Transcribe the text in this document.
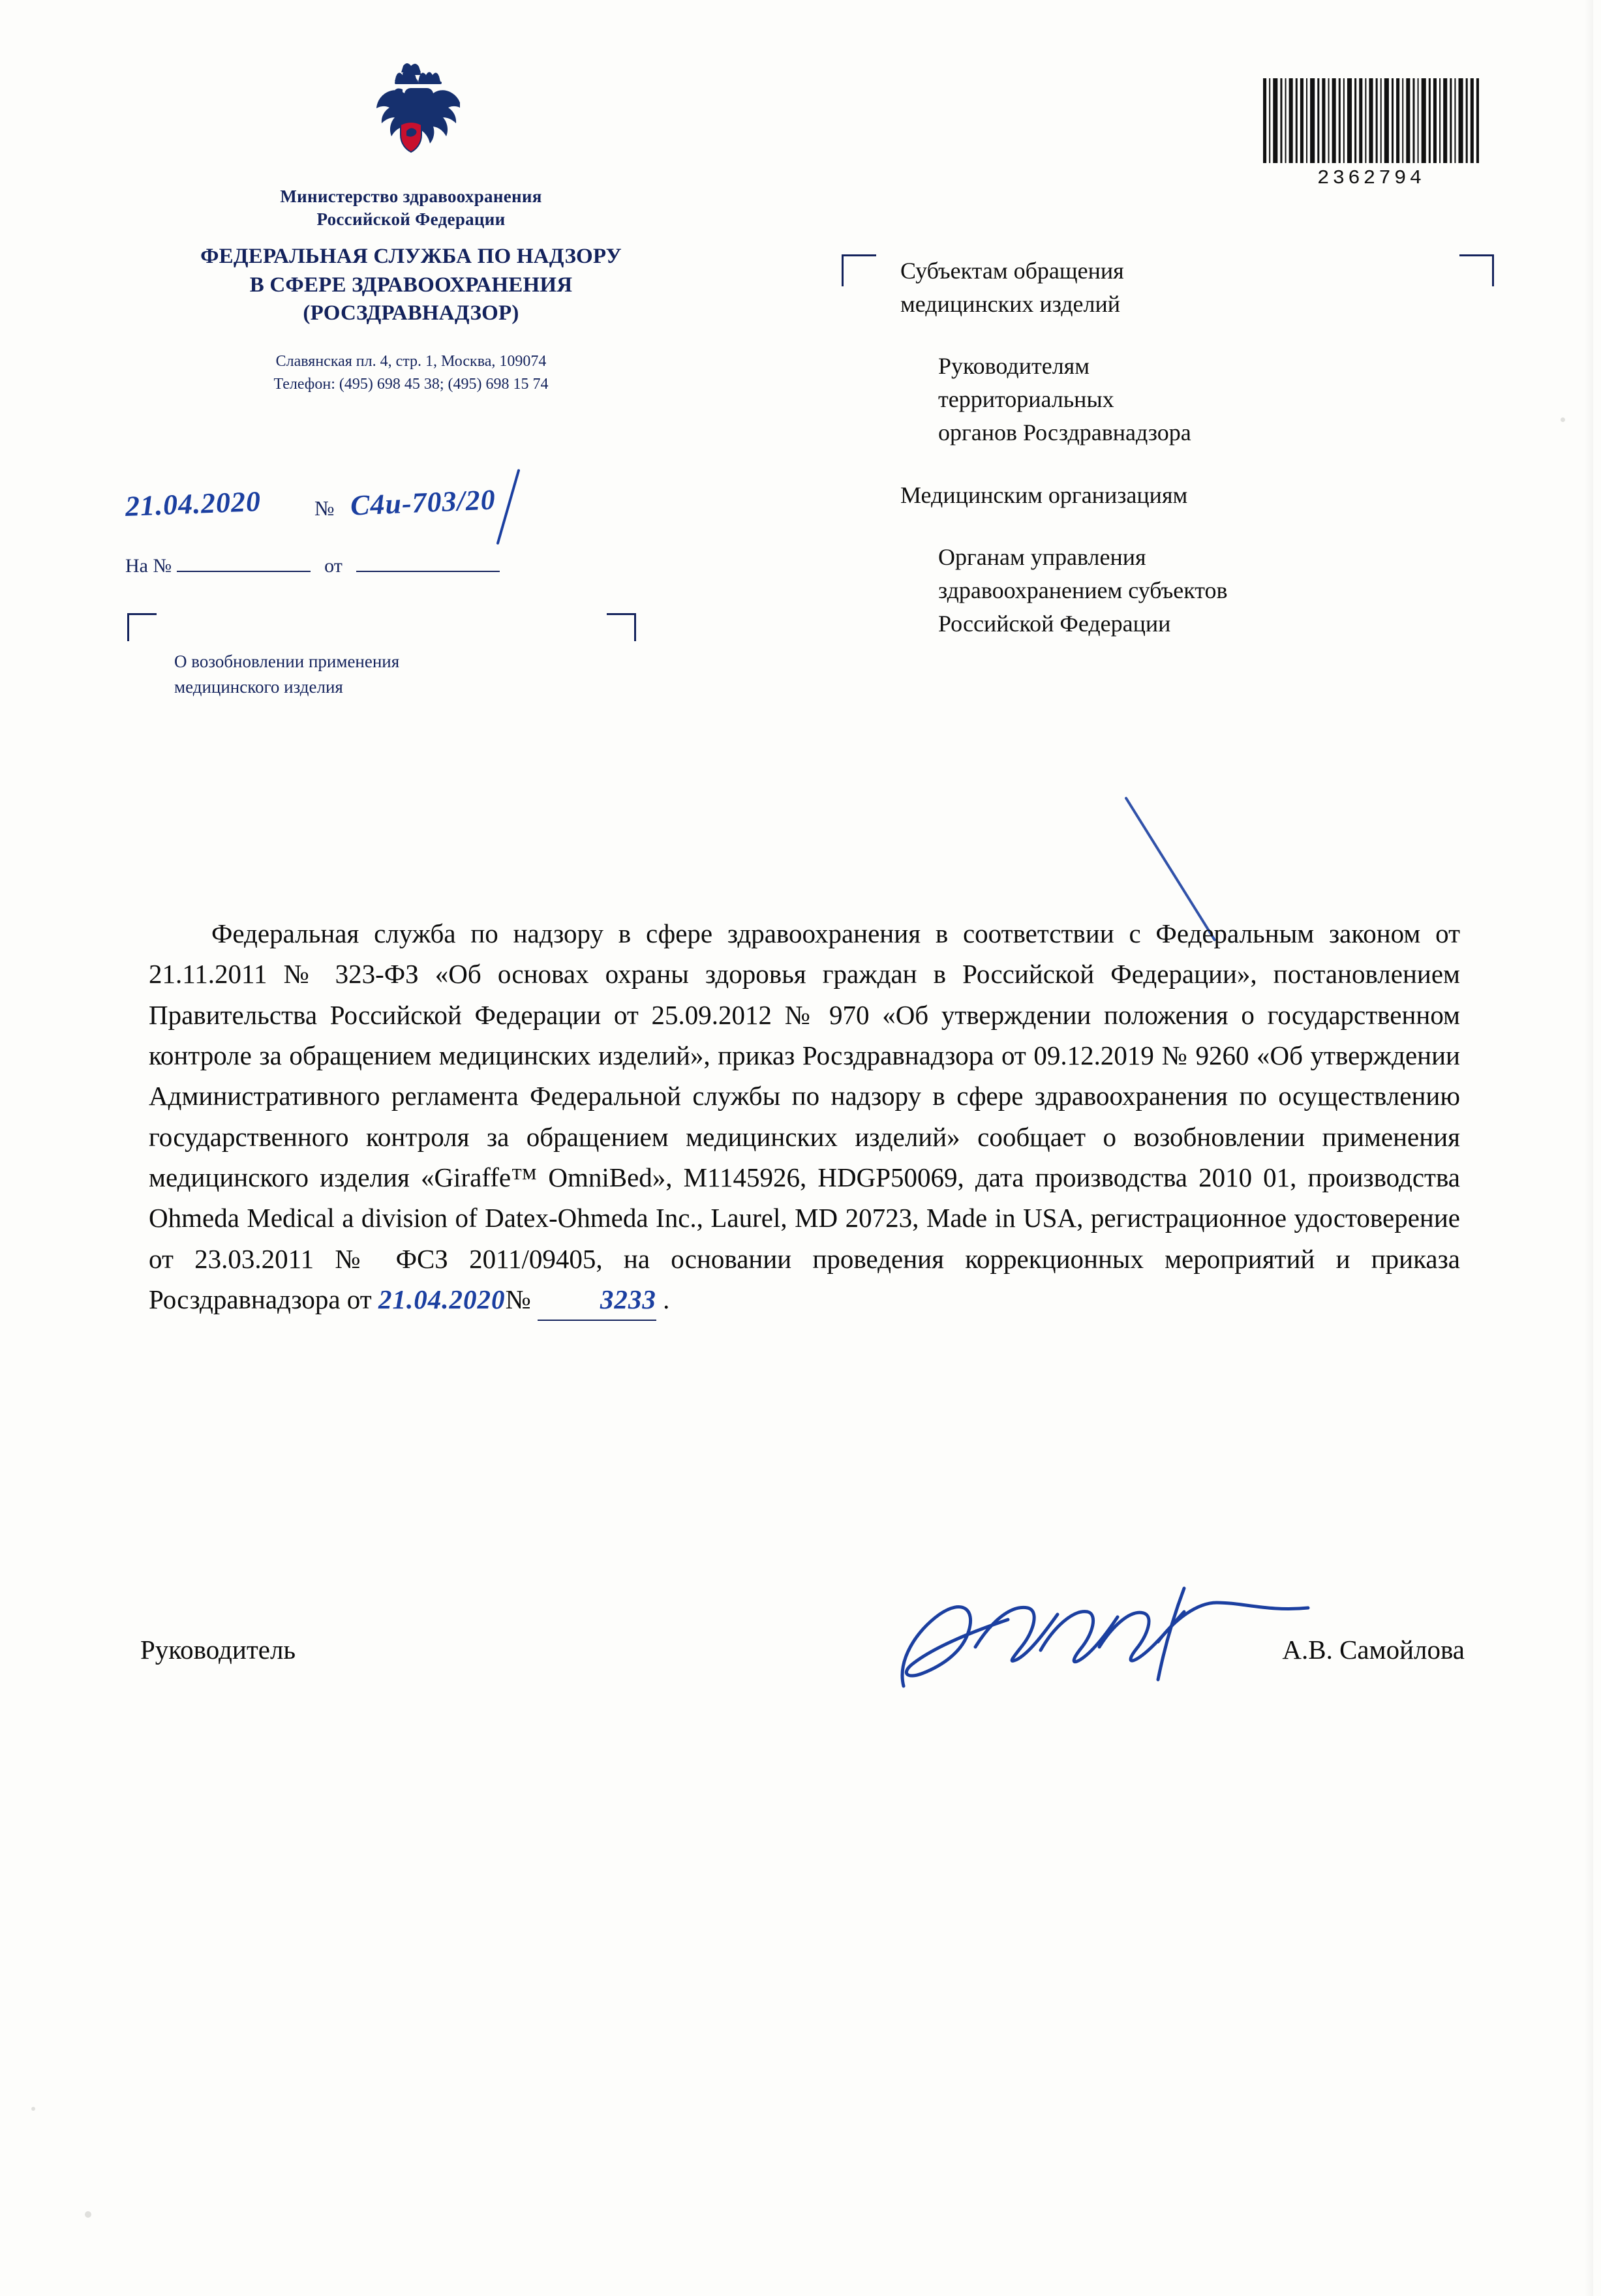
Министерство здравоохранения
Российской Федерации
ФЕДЕРАЛЬНАЯ СЛУЖБА ПО НАДЗОРУ
В СФЕРЕ ЗДРАВООХРАНЕНИЯ
(РОСЗДРАВНАДЗОР)
Славянская пл. 4, стр. 1, Москва, 109074
Телефон: (495) 698 45 38; (495) 698 15 74
21.04.2020	№ С4и-703/20
На №	от
О возобновлении применения
медицинского изделия
2362794

Субъектам обращения
медицинских изделий

Руководителям
территориальных
органов Росздравнадзора

Медицинским организациям

Органам управления
здравоохранением субъектов
Российской Федерации

Федеральная служба по надзору в сфере здравоохранения в соответствии с Федеральным законом от 21.11.2011 № 323-ФЗ «Об основах охраны здоровья граждан в Российской Федерации», постановлением Правительства Российской Федерации от 25.09.2012 № 970 «Об утверждении положения о государственном контроле за обращением медицинских изделий», приказ Росздравнадзора от 09.12.2019 № 9260 «Об утверждении Административного регламента Федеральной службы по надзору в сфере здравоохранения по осуществлению государственного контроля за обращением медицинских изделий» сообщает о возобновлении применения медицинского изделия «Giraffe™ OmniBed», M1145926, HDGP50069, дата производства 2010 01, производства Ohmeda Medical a division of Datex-Ohmeda Inc., Laurel, MD 20723, Made in USA, регистрационное удостоверение от 23.03.2011 № ФСЗ 2011/09405, на основании проведения коррекционных мероприятий и приказа Росздравнадзора от 21.04.2020№	3233 .

Руководитель	А.В. Самойлова
